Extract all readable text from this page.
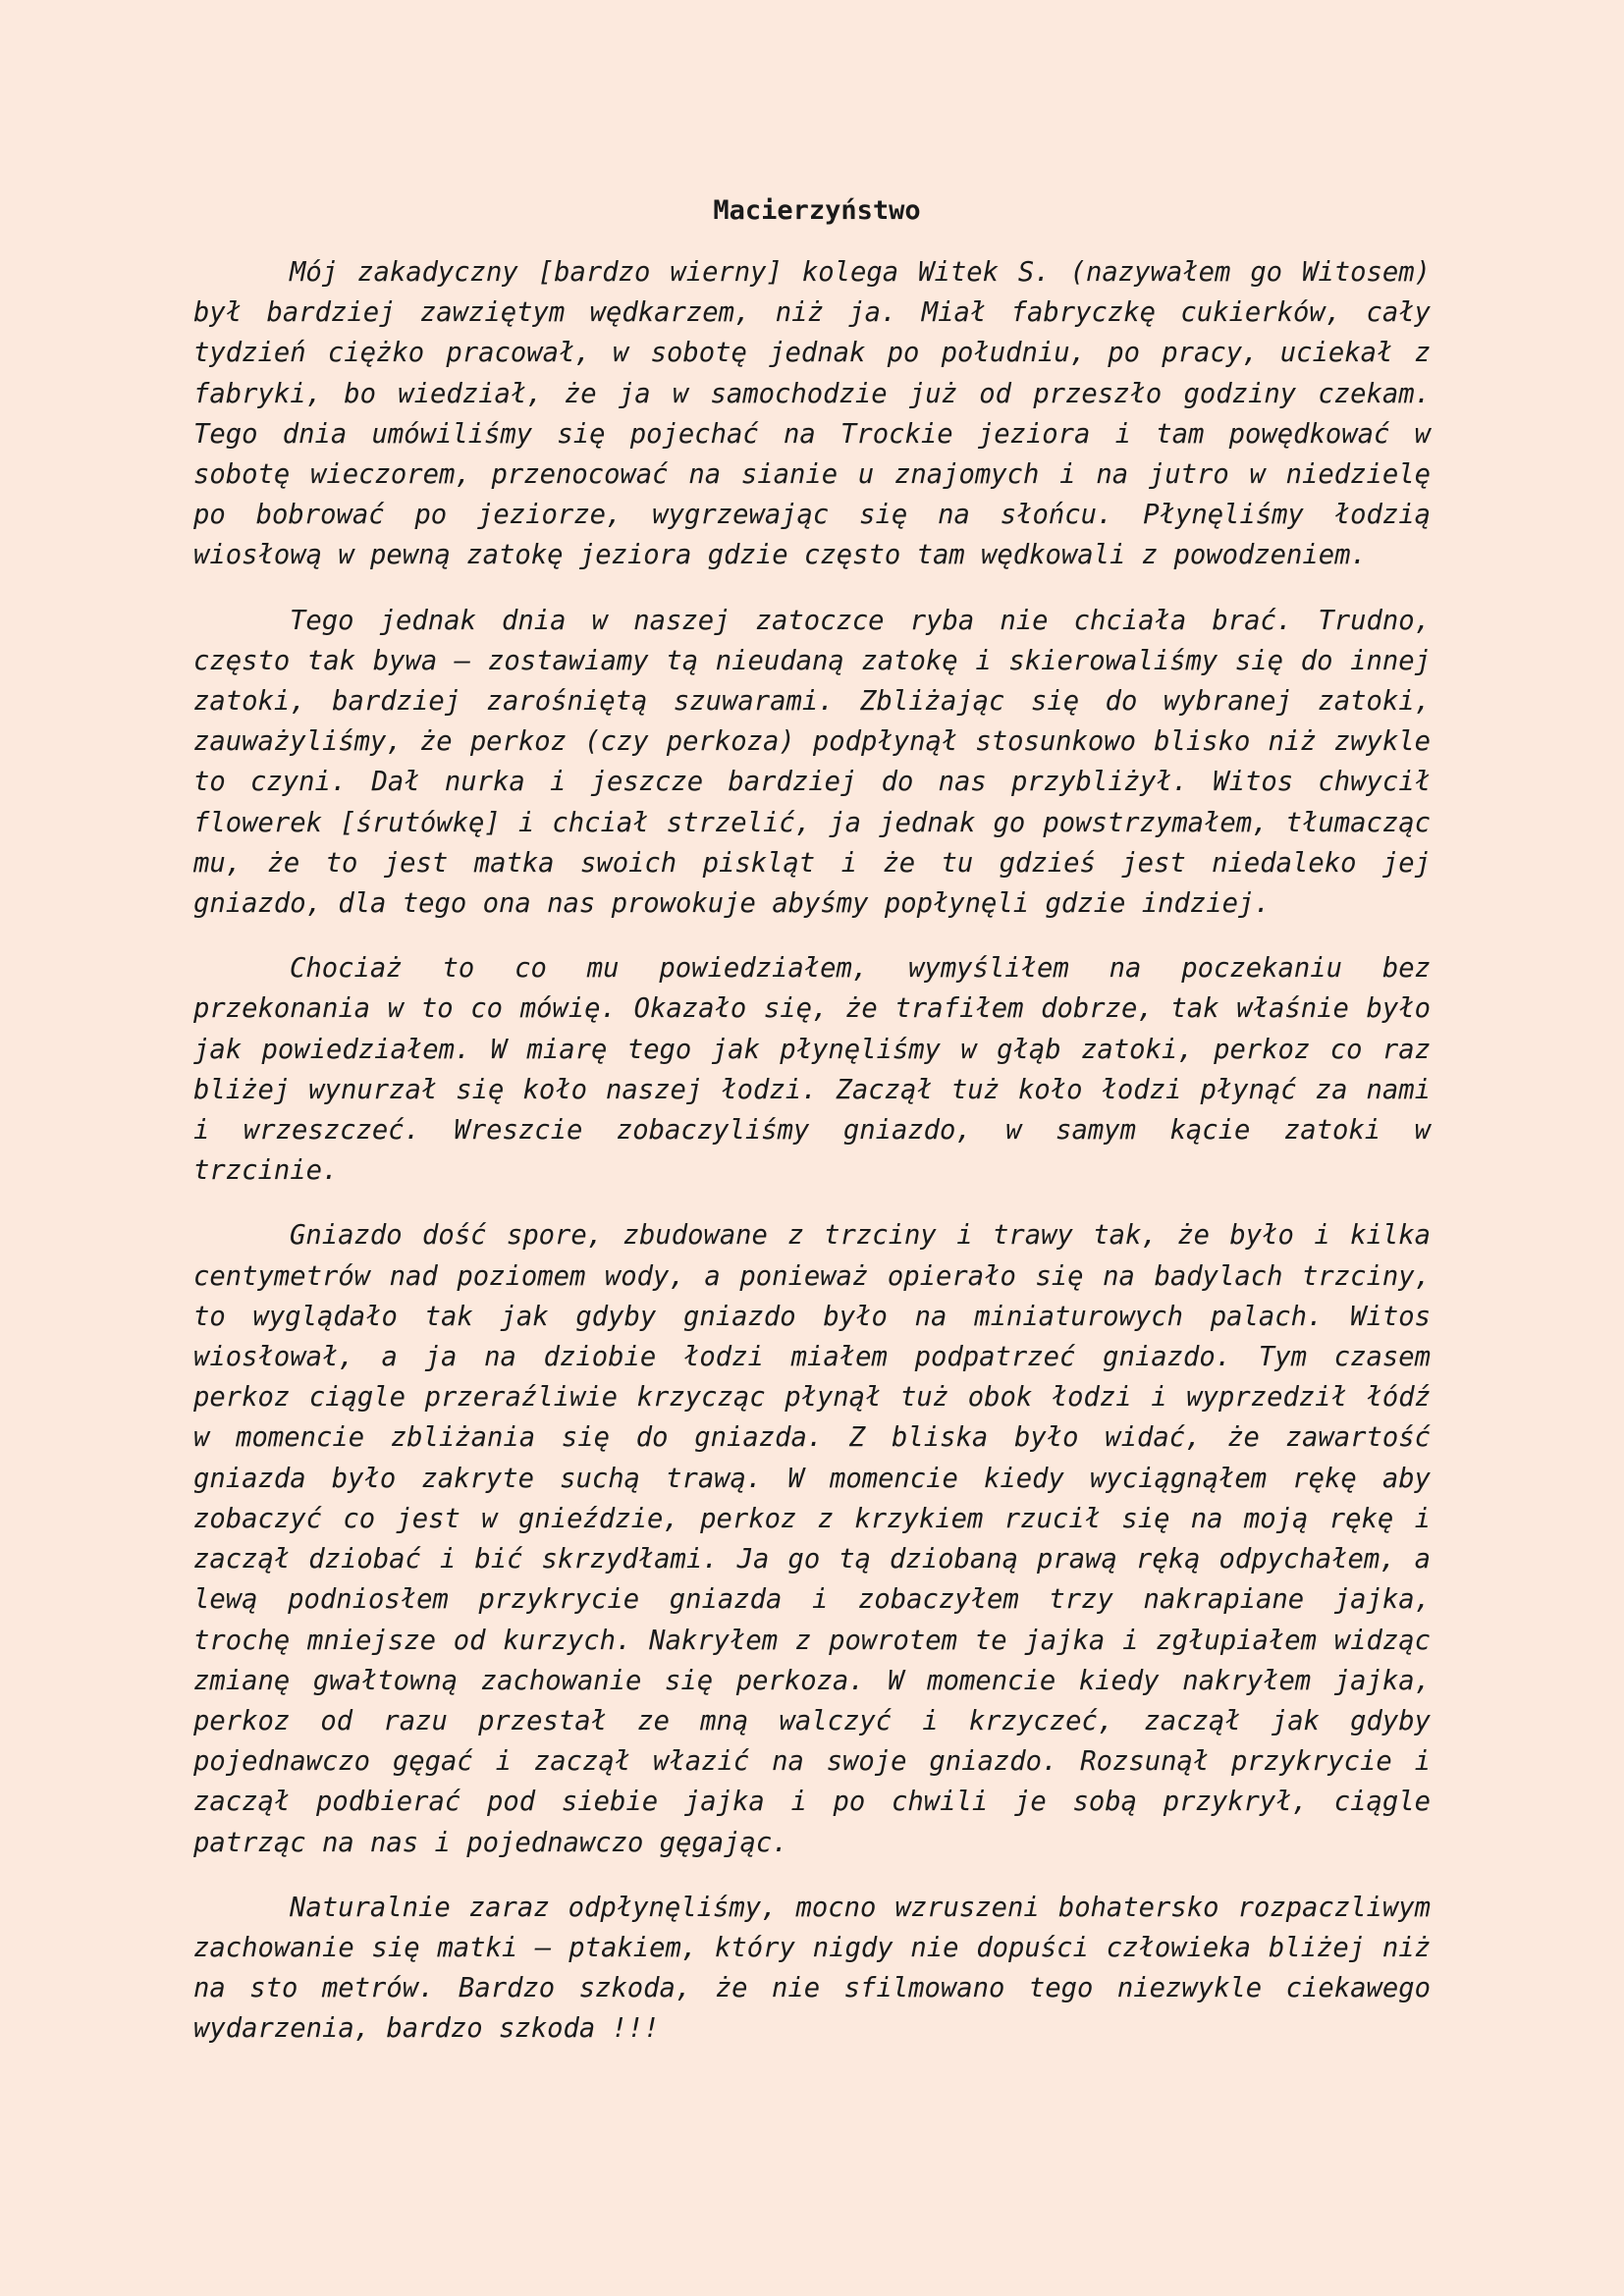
Macierzyństwo

Mój zakadyczny [bardzo wierny] kolega Witek S. (nazywałem go Witosem) był bardziej zawziętym wędkarzem, niż ja. Miał fabryczkę cukierków, cały tydzień ciężko pracował, w sobotę jednak po południu, po pracy, uciekał z fabryki, bo wiedział, że ja w samochodzie już od przeszło godziny czekam. Tego dnia umówiliśmy się pojechać na Trockie jeziora i tam powędkować w sobotę wieczorem, przenocować na sianie u znajomych i na jutro w niedzielę po bobrować po jeziorze, wygrzewając się na słońcu. Płynęliśmy łodzią wiosłową w pewną zatokę jeziora gdzie często tam wędkowali z powodzeniem.

Tego jednak dnia w naszej zatoczce ryba nie chciała brać. Trudno, często tak bywa – zostawiamy tą nieudaną zatokę i skierowaliśmy się do innej zatoki, bardziej zarośniętą szuwarami. Zbliżając się do wybranej zatoki, zauważyliśmy, że perkoz (czy perkoza) podpłynął stosunkowo blisko niż zwykle to czyni. Dał nurka i jeszcze bardziej do nas przybliżył. Witos chwycił flowerek [śrutówkę] i chciał strzelić, ja jednak go powstrzymałem, tłumacząc mu, że to jest matka swoich piskląt i że tu gdzieś jest niedaleko jej gniazdo, dla tego ona nas prowokuje abyśmy popłynęli gdzie indziej.

Chociaż to co mu powiedziałem, wymyśliłem na poczekaniu bez przekonania w to co mówię. Okazało się, że trafiłem dobrze, tak właśnie było jak powiedziałem. W miarę tego jak płynęliśmy w głąb zatoki, perkoz co raz bliżej wynurzał się koło naszej łodzi. Zaczął tuż koło łodzi płynąć za nami i wrzeszczeć. Wreszcie zobaczyliśmy gniazdo, w samym kącie zatoki w trzcinie.

Gniazdo dość spore, zbudowane z trzciny i trawy tak, że było i kilka centymetrów nad poziomem wody, a ponieważ opierało się na badylach trzciny, to wyglądało tak jak gdyby gniazdo było na miniaturowych palach. Witos wiosłował, a ja na dziobie łodzi miałem podpatrzeć gniazdo. Tym czasem perkoz ciągle przeraźliwie krzycząc płynął tuż obok łodzi i wyprzedził łódź w momencie zbliżania się do gniazda. Z bliska było widać, że zawartość gniazda było zakryte suchą trawą. W momencie kiedy wyciągnąłem rękę aby zobaczyć co jest w gnieździe, perkoz z krzykiem rzucił się na moją rękę i zaczął dziobać i bić skrzydłami. Ja go tą dziobaną prawą ręką odpychałem, a lewą podniosłem przykrycie gniazda i zobaczyłem trzy nakrapiane jajka, trochę mniejsze od kurzych. Nakryłem z powrotem te jajka i zgłupiałem widząc zmianę gwałtowną zachowanie się perkoza. W momencie kiedy nakryłem jajka, perkoz od razu przestał ze mną walczyć i krzyczeć, zaczął jak gdyby pojednawczo gęgać i zaczął włazić na swoje gniazdo. Rozsunął przykrycie i zaczął podbierać pod siebie jajka i po chwili je sobą przykrył, ciągle patrząc na nas i pojednawczo gęgając.

Naturalnie zaraz odpłynęliśmy, mocno wzruszeni bohatersko rozpaczliwym zachowanie się matki – ptakiem, który nigdy nie dopuści człowieka bliżej niż na sto metrów. Bardzo szkoda, że nie sfilmowano tego niezwykle ciekawego wydarzenia, bardzo szkoda !!!
